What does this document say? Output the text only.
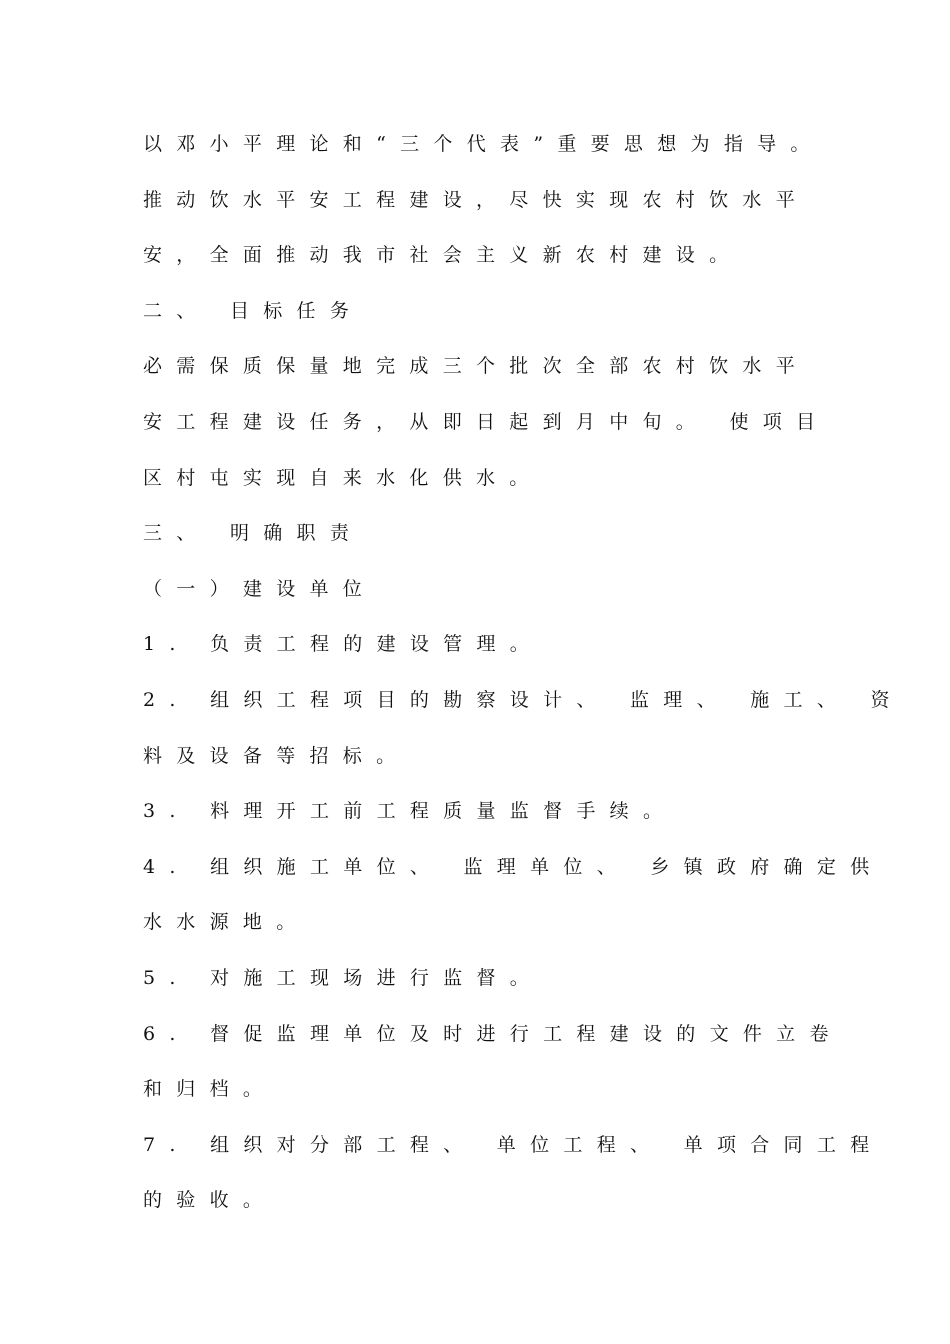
以邓小平理论和“三个代表”重要思想为指导。
推动饮水平安工程建设，尽快实现农村饮水平
安，全面推动我市社会主义新农村建设。
二、 目标任务
必需保质保量地完成三个批次全部农村饮水平
安工程建设任务，从即日起到月中旬。 使项目
区村屯实现自来水化供水。
三、 明确职责
（一）建设单位
1. 负责工程的建设管理。
2. 组织工程项目的勘察设计、 监理、 施工、 资
料及设备等招标。
3. 料理开工前工程质量监督手续。
4. 组织施工单位、 监理单位、 乡镇政府确定供
水水源地。
5. 对施工现场进行监督。
6. 督促监理单位及时进行工程建设的文件立卷
和归档。
7. 组织对分部工程、 单位工程、 单项合同工程
的验收。
